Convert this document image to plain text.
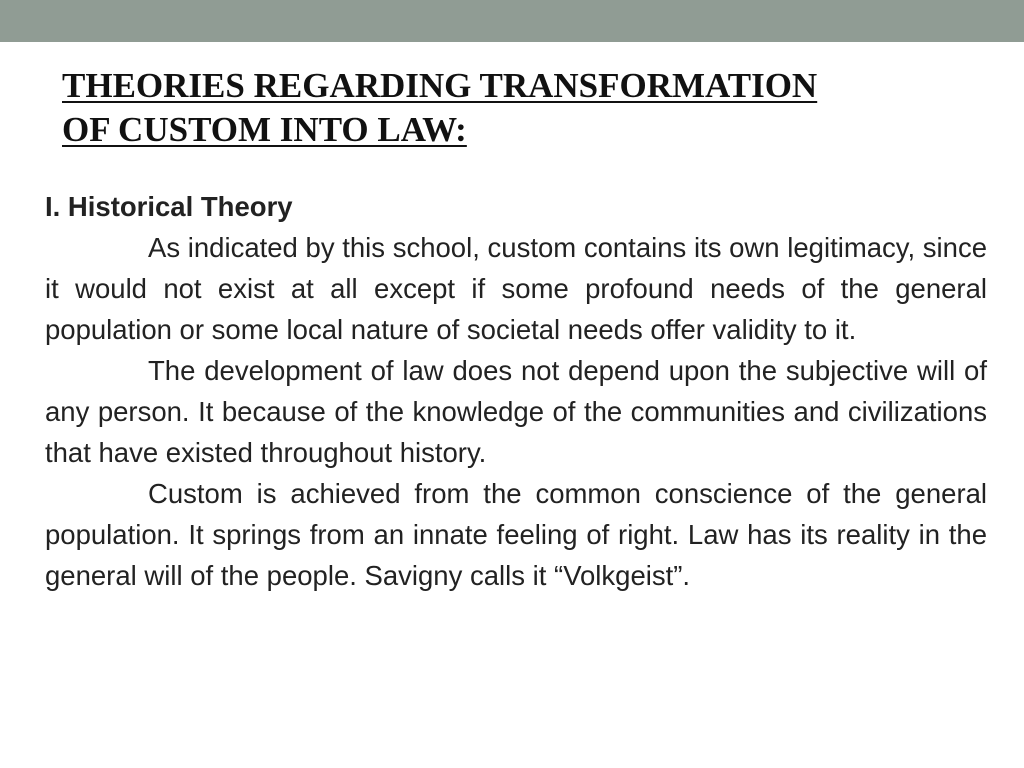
THEORIES REGARDING TRANSFORMATION
OF CUSTOM INTO LAW:

I. Historical Theory

As indicated by this school, custom contains its own legitimacy, since it would not exist at all except if some profound needs of the general population or some local nature of societal needs offer validity to it.

The development of law does not depend upon the subjective will of any person. It because of the knowledge of the communities and civilizations that have existed throughout history.

Custom is achieved from the common conscience of the general population. It springs from an innate feeling of right. Law has its reality in the general will of the people. Savigny calls it “Volkgeist”.
